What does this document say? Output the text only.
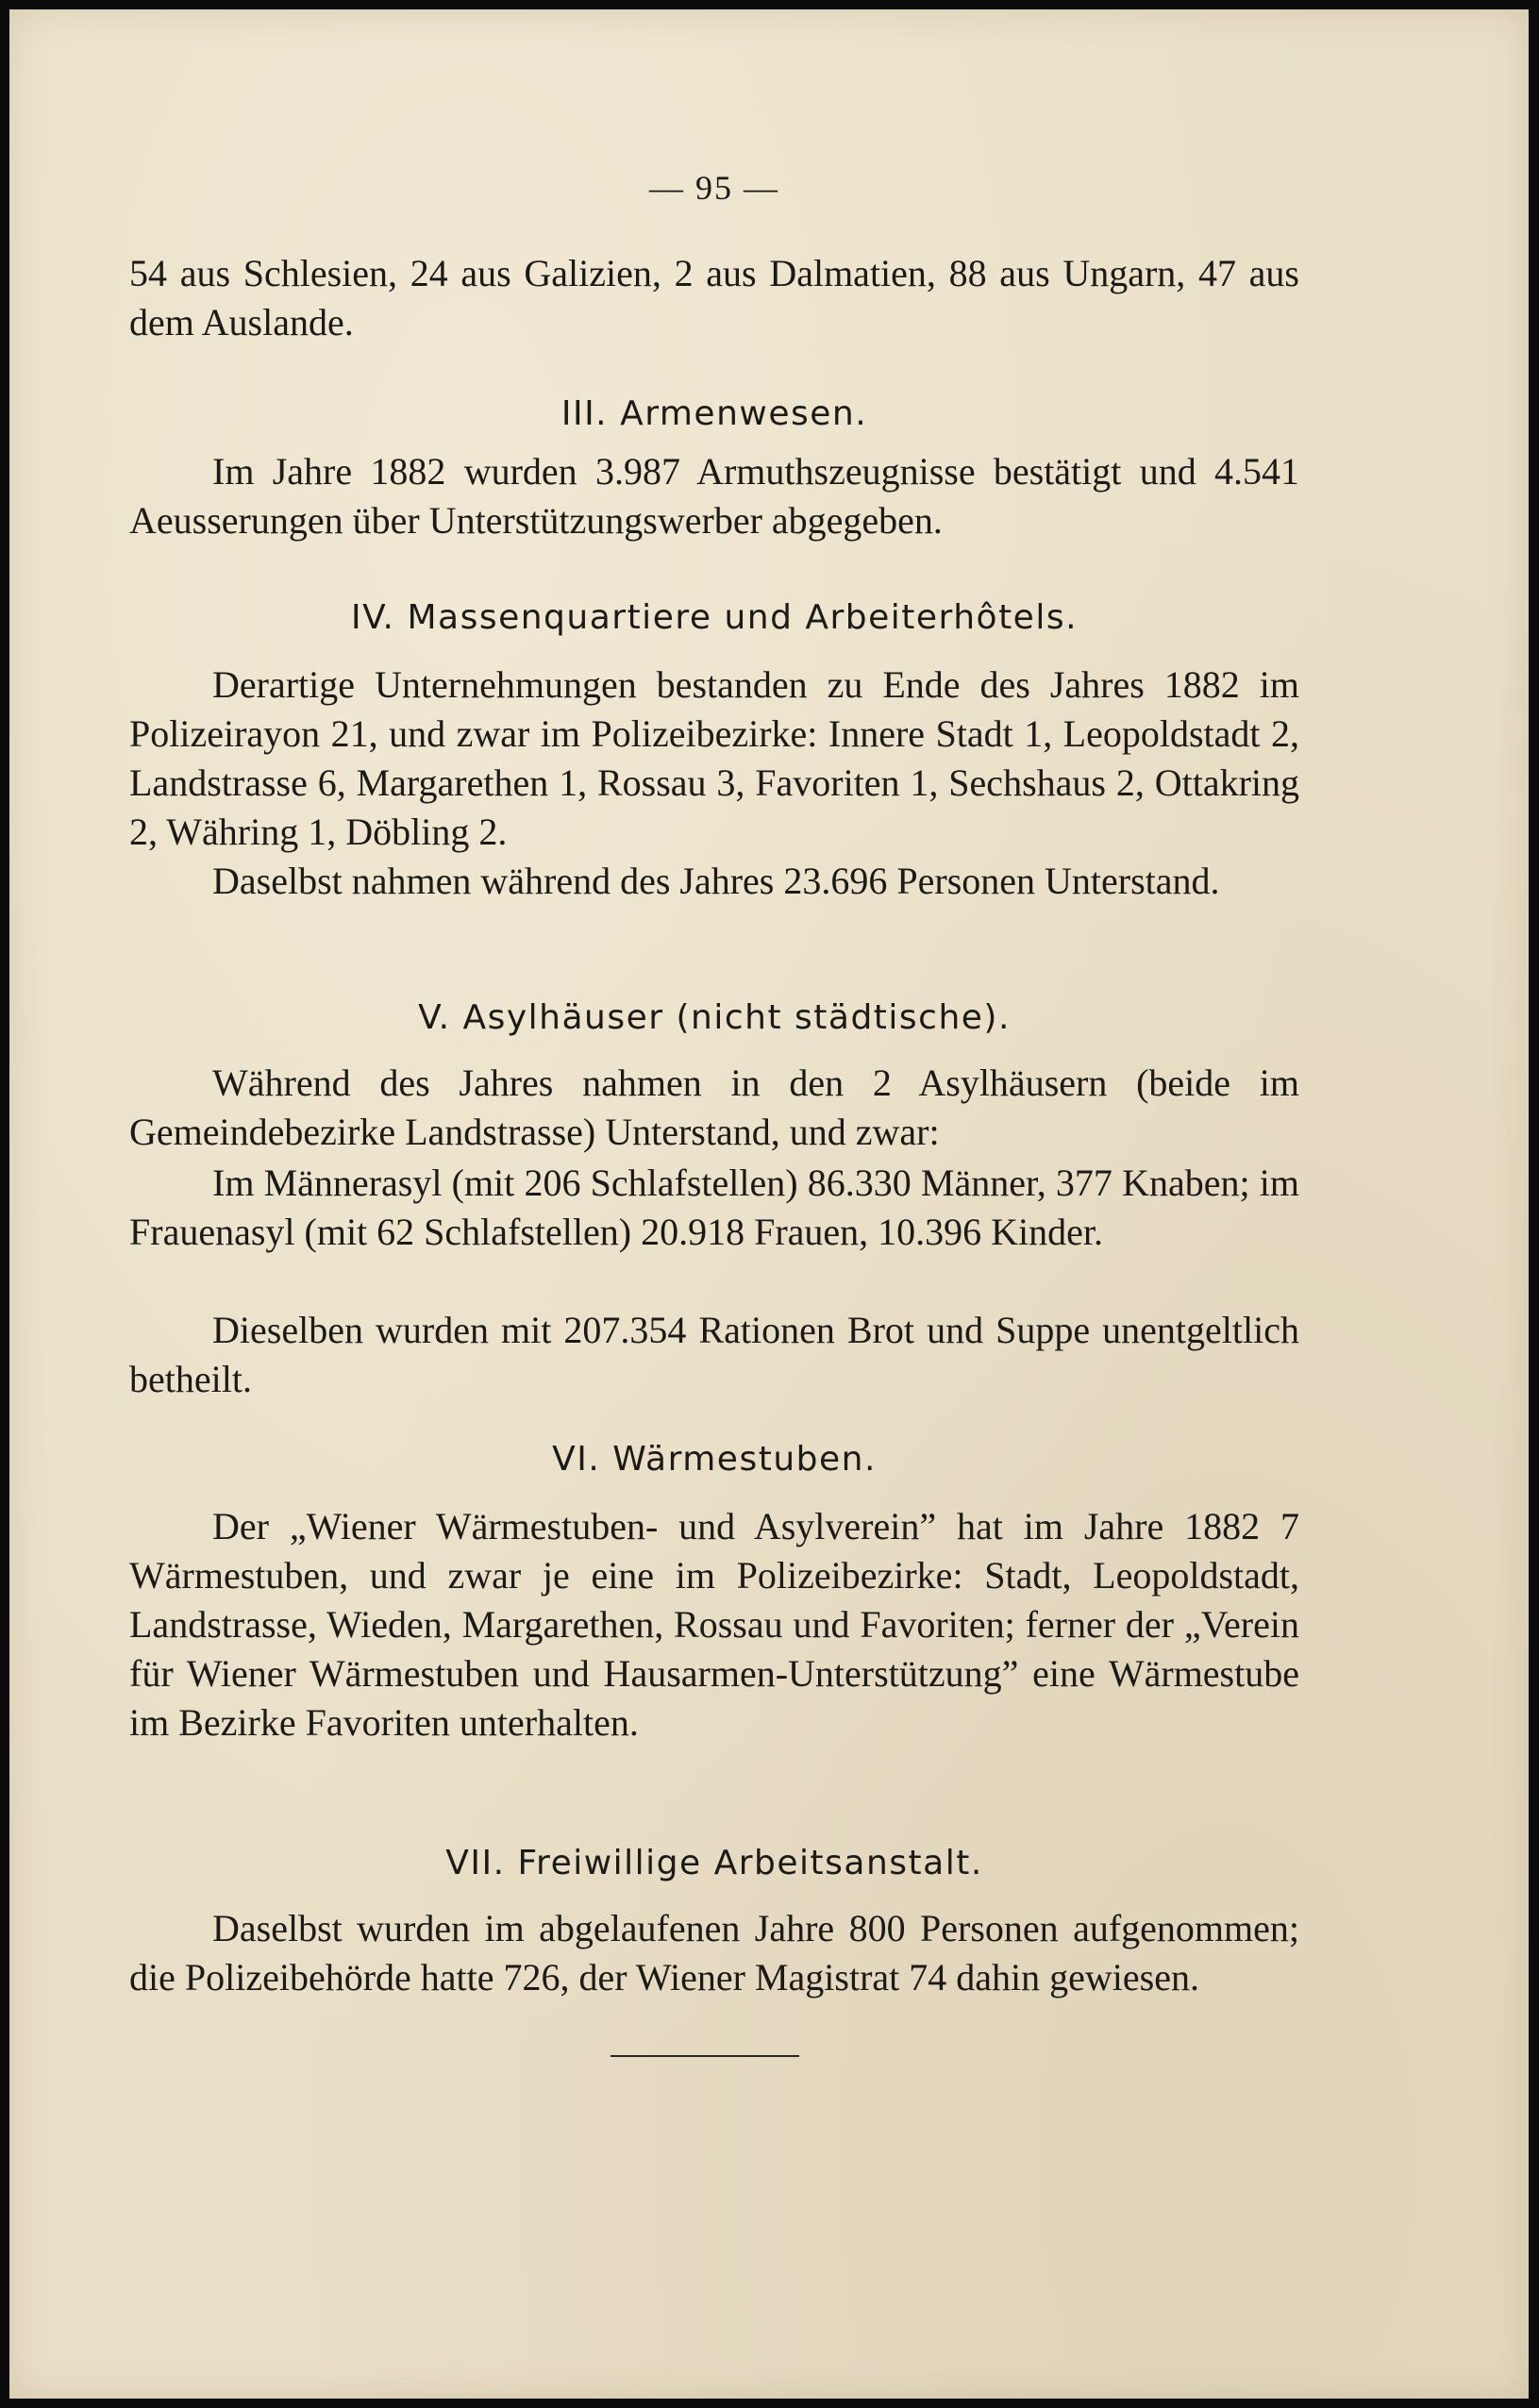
— 95 —
54 aus Schlesien, 24 aus Galizien, 2 aus Dalmatien, 88 aus Ungarn, 47 aus dem Auslande.
III. Armenwesen.
Im Jahre 1882 wurden 3.987 Armuthszeugnisse bestätigt und 4.541 Aeusserungen über Unterstützungswerber abgegeben.
IV. Massenquartiere und Arbeiterhôtels.
Derartige Unternehmungen bestanden zu Ende des Jahres 1882 im Polizeirayon 21, und zwar im Polizeibezirke: Innere Stadt 1, Leopoldstadt 2, Landstrasse 6, Margarethen 1, Rossau 3, Favoriten 1, Sechshaus 2, Ottakring 2, Währing 1, Döbling 2.
Daselbst nahmen während des Jahres 23.696 Personen Unterstand.
V. Asylhäuser (nicht städtische).
Während des Jahres nahmen in den 2 Asylhäusern (beide im Gemeindebezirke Landstrasse) Unterstand, und zwar:
Im Männerasyl (mit 206 Schlafstellen) 86.330 Männer, 377 Knaben; im Frauenasyl (mit 62 Schlafstellen) 20.918 Frauen, 10.396 Kinder.
Dieselben wurden mit 207.354 Rationen Brot und Suppe unentgeltlich betheilt.
VI. Wärmestuben.
Der „Wiener Wärmestuben- und Asylverein” hat im Jahre 1882 7 Wärmestuben, und zwar je eine im Polizeibezirke: Stadt, Leopoldstadt, Landstrasse, Wieden, Margarethen, Rossau und Favoriten; ferner der „Verein für Wiener Wärmestuben und Hausarmen-Unterstützung” eine Wärmestube im Bezirke Favoriten unterhalten.
VII. Freiwillige Arbeitsanstalt.
Daselbst wurden im abgelaufenen Jahre 800 Personen aufgenommen; die Polizeibehörde hatte 726, der Wiener Magistrat 74 dahin gewiesen.
